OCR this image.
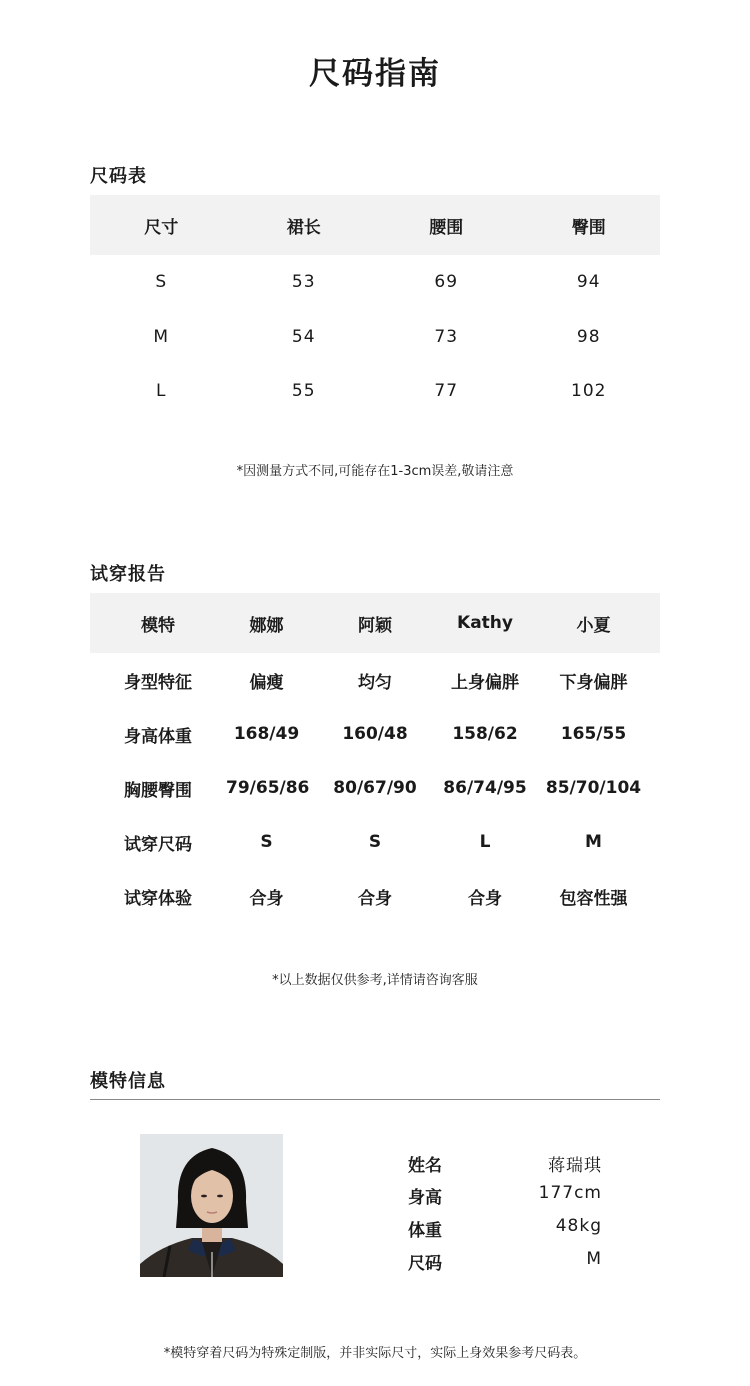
尺码指南
尺码表
尺寸	裙长	腰围	臀围
S	53	69	94
M	54	73	98
L	55	77	102
*因测量方式不同,可能存在1-3cm误差,敬请注意
试穿报告
模特	娜娜	阿颖	Kathy	小夏
身型特征	偏瘦	均匀	上身偏胖	下身偏胖
身高体重	168/49	160/48	158/62	165/55
胸腰臀围	79/65/86	80/67/90	86/74/95	85/70/104
试穿尺码	S	S	L	M
试穿体验	合身	合身	合身	包容性强
*以上数据仅供参考,详情请咨询客服
模特信息
姓名	蒋瑞琪
身高	177cm
体重	48kg
尺码	M
*模特穿着尺码为特殊定制版，并非实际尺寸，实际上身效果参考尺码表。
